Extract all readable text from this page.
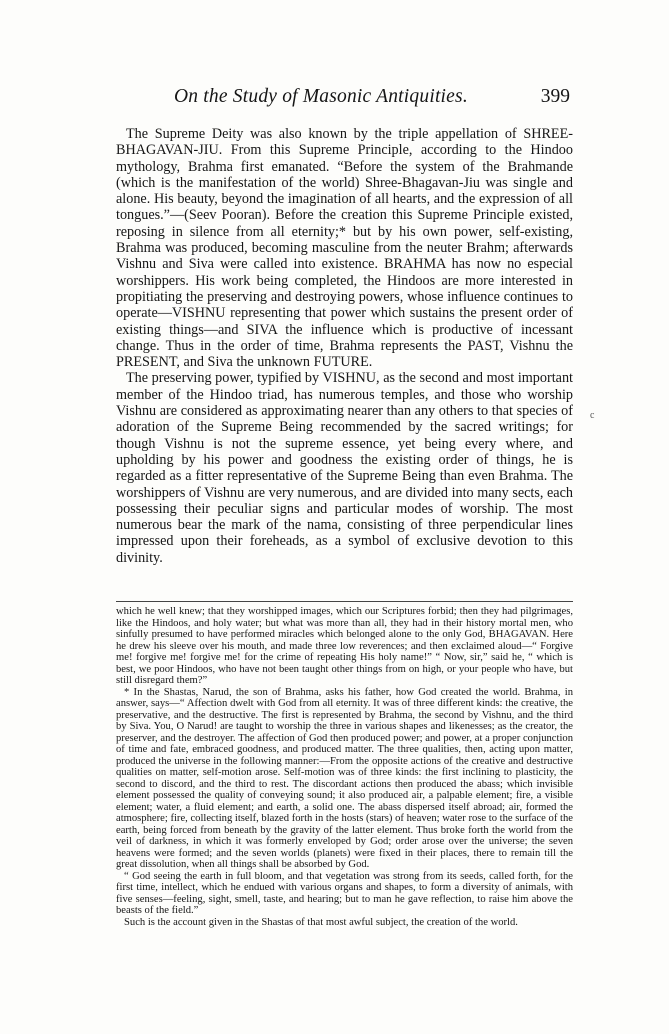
On the Study of Masonic Antiquities.	399

The Supreme Deity was also known by the triple appellation of SHREE-BHAGAVAN-JIU. From this Supreme Principle, according to the Hindoo mythology, Brahma first emanated. “Before the system of the Brahmande (which is the manifestation of the world) Shree-Bhagavan-Jiu was single and alone. His beauty, beyond the imagination of all hearts, and the expression of all tongues.”—(Seev Pooran). Before the creation this Supreme Principle existed, reposing in silence from all eternity;* but by his own power, self-existing, Brahma was produced, becoming masculine from the neuter Brahm; afterwards Vishnu and Siva were called into existence. BRAHMA has now no especial worshippers. His work being completed, the Hindoos are more interested in propitiating the preserving and destroying powers, whose influence continues to operate—VISHNU representing that power which sustains the present order of existing things—and SIVA the influence which is productive of incessant change. Thus in the order of time, Brahma represents the PAST, Vishnu the PRESENT, and Siva the unknown FUTURE.

The preserving power, typified by VISHNU, as the second and most important member of the Hindoo triad, has numerous temples, and those who worship Vishnu are considered as approximating nearer than any others to that species of adoration of the Supreme Being recommended by the sacred writings; for though Vishnu is not the supreme essence, yet being every where, and upholding by his power and goodness the existing order of things, he is regarded as a fitter representative of the Supreme Being than even Brahma. The worshippers of Vishnu are very numerous, and are divided into many sects, each possessing their peculiar signs and particular modes of worship. The most numerous bear the mark of the nama, consisting of three perpendicular lines impressed upon their foreheads, as a symbol of exclusive devotion to this divinity.

c

which he well knew; that they worshipped images, which our Scriptures forbid; then they had pilgrimages, like the Hindoos, and holy water; but what was more than all, they had in their history mortal men, who sinfully presumed to have performed miracles which belonged alone to the only God, BHAGAVAN. Here he drew his sleeve over his mouth, and made three low reverences; and then exclaimed aloud—“ Forgive me! forgive me! forgive me! for the crime of repeating His holy name!” “ Now, sir,” said he, “ which is best, we poor Hindoos, who have not been taught other things from on high, or your people who have, but still disregard them?”

* In the Shastas, Narud, the son of Brahma, asks his father, how God created the world. Brahma, in answer, says—“ Affection dwelt with God from all eternity. It was of three different kinds: the creative, the preservative, and the destructive. The first is represented by Brahma, the second by Vishnu, and the third by Siva. You, O Narud! are taught to worship the three in various shapes and likenesses; as the creator, the preserver, and the destroyer. The affection of God then produced power; and power, at a proper conjunction of time and fate, embraced goodness, and produced matter. The three qualities, then, acting upon matter, produced the universe in the following manner:—From the opposite actions of the creative and destructive qualities on matter, self-motion arose. Self-motion was of three kinds: the first inclining to plasticity, the second to discord, and the third to rest. The discordant actions then produced the abass; which invisible element possessed the quality of conveying sound; it also produced air, a palpable element; fire, a visible element; water, a fluid element; and earth, a solid one. The abass dispersed itself abroad; air, formed the atmosphere; fire, collecting itself, blazed forth in the hosts (stars) of heaven; water rose to the surface of the earth, being forced from beneath by the gravity of the latter element. Thus broke forth the world from the veil of darkness, in which it was formerly enveloped by God; order arose over the universe; the seven heavens were formed; and the seven worlds (planets) were fixed in their places, there to remain till the great dissolution, when all things shall be absorbed by God.

“ God seeing the earth in full bloom, and that vegetation was strong from its seeds, called forth, for the first time, intellect, which he endued with various organs and shapes, to form a diversity of animals, with five senses—feeling, sight, smell, taste, and hearing; but to man he gave reflection, to raise him above the beasts of the field.”

Such is the account given in the Shastas of that most awful subject, the creation of the world.
